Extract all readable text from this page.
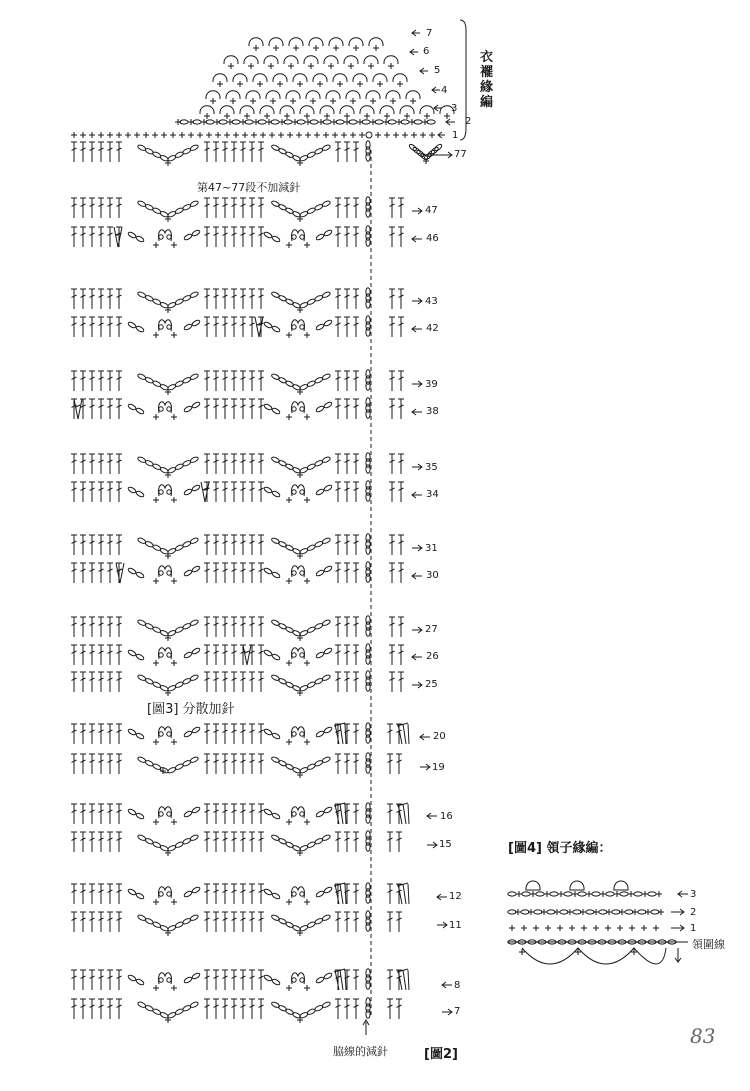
衣襬緣編
7
6
5
4
3
2
1
77
47
46
43
42
39
38
35
34
31
30
27
26
25
20
19
16
15
12
11
8
7
第47~77段不加減針
[圖3] 分散加針
脇線的減針	[圖2]
[圖4] 領子緣編：
3
2
1
領圍線
83
